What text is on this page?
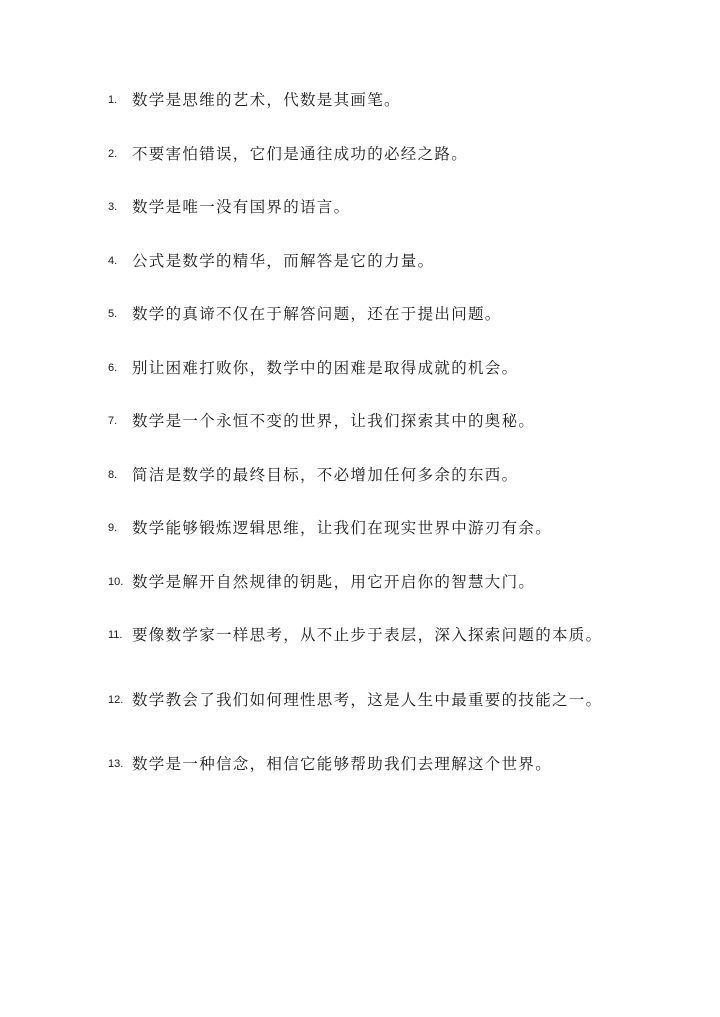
1. 数学是思维的艺术，代数是其画笔。
2. 不要害怕错误，它们是通往成功的必经之路。
3. 数学是唯一没有国界的语言。
4. 公式是数学的精华，而解答是它的力量。
5. 数学的真谛不仅在于解答问题，还在于提出问题。
6. 别让困难打败你，数学中的困难是取得成就的机会。
7. 数学是一个永恒不变的世界，让我们探索其中的奥秘。
8. 简洁是数学的最终目标，不必增加任何多余的东西。
9. 数学能够锻炼逻辑思维，让我们在现实世界中游刃有余。
10. 数学是解开自然规律的钥匙，用它开启你的智慧大门。
11. 要像数学家一样思考，从不止步于表层，深入探索问题的本质。
12. 数学教会了我们如何理性思考，这是人生中最重要的技能之一。
13. 数学是一种信念，相信它能够帮助我们去理解这个世界。
